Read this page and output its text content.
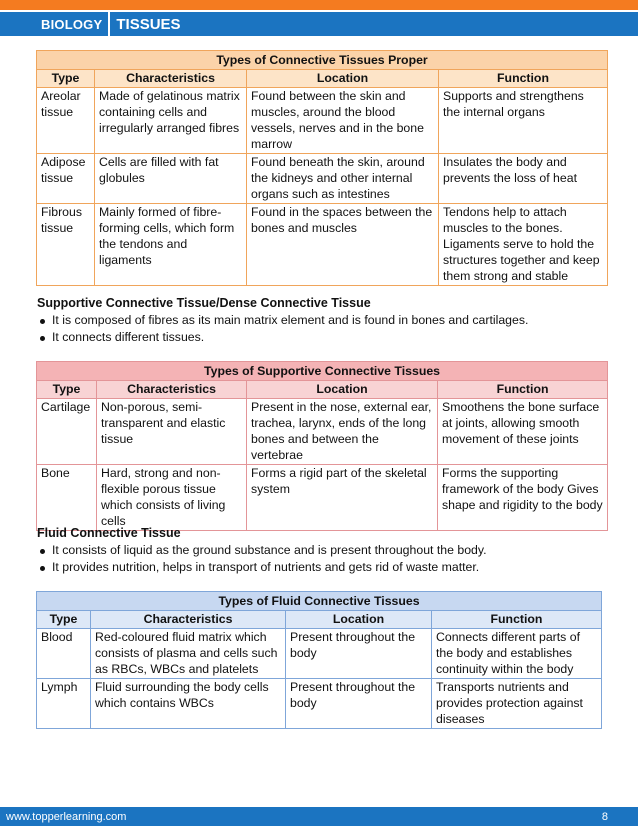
BIOLOGY TISSUES
Types of Connective Tissues Proper			
Type	Characteristics	Location	Function
Areolar tissue	Made of gelatinous matrix containing cells and irregularly arranged fibres	Found between the skin and muscles, around the blood vessels, nerves and in the bone marrow	Supports and strengthens the internal organs
Adipose tissue	Cells are filled with fat globules	Found beneath the skin, around the kidneys and other internal organs such as intestines	Insulates the body and prevents the loss of heat
Fibrous tissue	Mainly formed of fibre-forming cells, which form the tendons and ligaments	Found in the spaces between the bones and muscles	Tendons help to attach muscles to the bones. Ligaments serve to hold the structures together and keep them strong and stable
Supportive Connective Tissue/Dense Connective Tissue
It is composed of fibres as its main matrix element and is found in bones and cartilages.
It connects different tissues.
Types of Supportive Connective Tissues			
Type	Characteristics	Location	Function
Cartilage	Non-porous, semi-transparent and elastic tissue	Present in the nose, external ear, trachea, larynx, ends of the long bones and between the vertebrae	Smoothens the bone surface at joints, allowing smooth movement of these joints
Bone	Hard, strong and non-flexible porous tissue which consists of living cells	Forms a rigid part of the skeletal system	Forms the supporting framework of the body Gives shape and rigidity to the body
Fluid Connective Tissue
It consists of liquid as the ground substance and is present throughout the body.
It provides nutrition, helps in transport of nutrients and gets rid of waste matter.
Types of Fluid Connective Tissues			
Type	Characteristics	Location	Function
Blood	Red-coloured fluid matrix which consists of plasma and cells such as RBCs, WBCs and platelets	Present throughout the body	Connects different parts of the body and establishes continuity within the body
Lymph	Fluid surrounding the body cells which contains WBCs	Present throughout the body	Transports nutrients and provides protection against diseases
www.topperlearning.com	8
